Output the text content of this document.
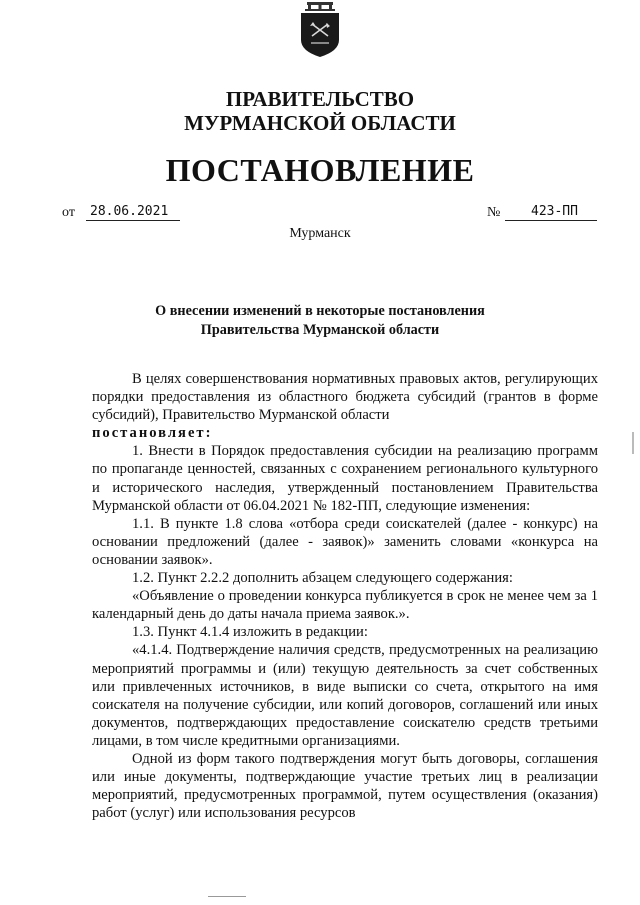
ПРАВИТЕЛЬСТВО
МУРМАНСКОЙ ОБЛАСТИ
ПОСТАНОВЛЕНИЕ
от	28.06.2021	№	423-ПП
Мурманск
О внесении изменений в некоторые постановления
Правительства Мурманской области

В целях совершенствования нормативных правовых актов, регулирующих порядки предоставления из областного бюджета субсидий (грантов в форме субсидий), Правительство Мурманской области

постановляет:

1. Внести в Порядок предоставления субсидии на реализацию программ по пропаганде ценностей, связанных с сохранением регионального культурного и исторического наследия, утвержденный постановлением Правительства Мурманской области от 06.04.2021 № 182-ПП, следующие изменения:

1.1. В пункте 1.8 слова «отбора среди соискателей (далее - конкурс) на основании предложений (далее - заявок)» заменить словами «конкурса на основании заявок».

1.2. Пункт 2.2.2 дополнить абзацем следующего содержания:

«Объявление о проведении конкурса публикуется в срок не менее чем за 1 календарный день до даты начала приема заявок.».

1.3. Пункт 4.1.4 изложить в редакции:

«4.1.4. Подтверждение наличия средств, предусмотренных на реализацию мероприятий программы и (или) текущую деятельность за счет собственных или привлеченных источников, в виде выписки со счета, открытого на имя соискателя на получение субсидии, или копий договоров, соглашений или иных документов, подтверждающих предоставление соискателю средств третьими лицами, в том числе кредитными организациями.

Одной из форм такого подтверждения могут быть договоры, соглашения или иные документы, подтверждающие участие третьих лиц в реализации мероприятий, предусмотренных программой, путем осуществления (оказания) работ (услуг) или использования ресурсов
